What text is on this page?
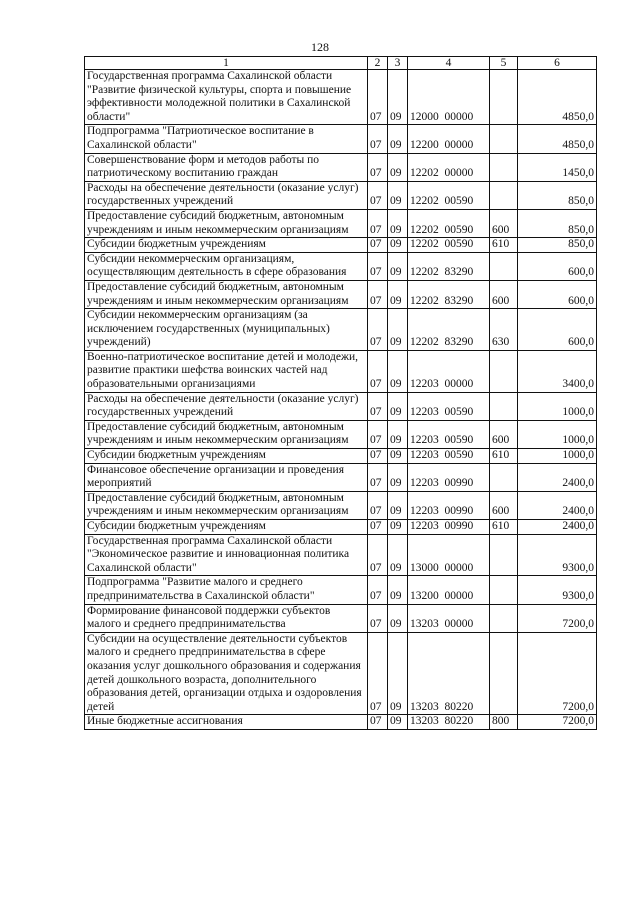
128
1	2	3	4	5	6
Государственная программа Сахалинской области "Развитие физической культуры, спорта и повышение эффективности молодежной политики в Сахалинской области"	07	09	12000  00000		4850,0
Подпрограмма "Патриотическое воспитание в Сахалинской области"	07	09	12200  00000		4850,0
Совершенствование форм и методов работы по патриотическому воспитанию граждан	07	09	12202  00000		1450,0
Расходы на обеспечение деятельности (оказание услуг) государственных учреждений	07	09	12202  00590		850,0
Предоставление субсидий бюджетным, автономным учреждениям и иным некоммерческим организациям	07	09	12202  00590	600	850,0
Субсидии бюджетным учреждениям	07	09	12202  00590	610	850,0
Субсидии некоммерческим организациям, осуществляющим деятельность в сфере образования	07	09	12202  83290		600,0
Предоставление субсидий бюджетным, автономным учреждениям и иным некоммерческим организациям	07	09	12202  83290	600	600,0
Субсидии некоммерческим организациям (за исключением государственных (муниципальных) учреждений)	07	09	12202  83290	630	600,0
Военно-патриотическое воспитание детей и молодежи, развитие практики шефства воинских частей над образовательными организациями	07	09	12203  00000		3400,0
Расходы на обеспечение деятельности (оказание услуг) государственных учреждений	07	09	12203  00590		1000,0
Предоставление субсидий бюджетным, автономным учреждениям и иным некоммерческим организациям	07	09	12203  00590	600	1000,0
Субсидии бюджетным учреждениям	07	09	12203  00590	610	1000,0
Финансовое обеспечение организации и проведения мероприятий	07	09	12203  00990		2400,0
Предоставление субсидий бюджетным, автономным учреждениям и иным некоммерческим организациям	07	09	12203  00990	600	2400,0
Субсидии бюджетным учреждениям	07	09	12203  00990	610	2400,0
Государственная программа Сахалинской области "Экономическое развитие и инновационная политика Сахалинской области"	07	09	13000  00000		9300,0
Подпрограмма "Развитие малого и среднего предпринимательства в Сахалинской области"	07	09	13200  00000		9300,0
Формирование финансовой поддержки субъектов малого и среднего предпринимательства	07	09	13203  00000		7200,0
Субсидии на осуществление деятельности субъектов малого и среднего предпринимательства в сфере оказания услуг дошкольного образования и содержания детей дошкольного возраста, дополнительного образования детей, организации отдыха и оздоровления детей	07	09	13203  80220		7200,0
Иные бюджетные ассигнования	07	09	13203  80220	800	7200,0
